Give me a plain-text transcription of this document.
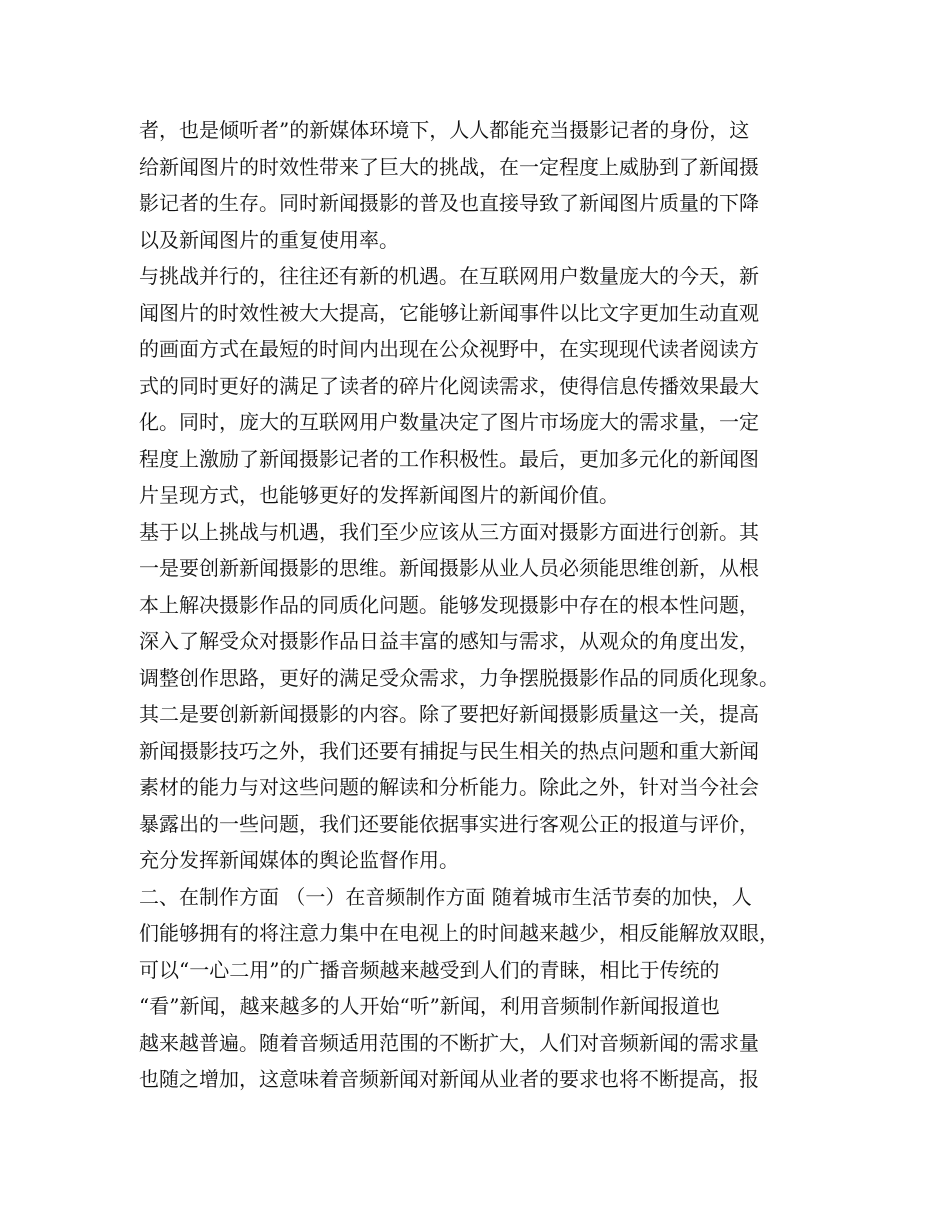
者，也是倾听者”的新媒体环境下，人人都能充当摄影记者的身份，这
给新闻图片的时效性带来了巨大的挑战，在一定程度上威胁到了新闻摄
影记者的生存。同时新闻摄影的普及也直接导致了新闻图片质量的下降
以及新闻图片的重复使用率。
与挑战并行的，往往还有新的机遇。在互联网用户数量庞大的今天，新
闻图片的时效性被大大提高，它能够让新闻事件以比文字更加生动直观
的画面方式在最短的时间内出现在公众视野中，在实现现代读者阅读方
式的同时更好的满足了读者的碎片化阅读需求，使得信息传播效果最大
化。同时，庞大的互联网用户数量决定了图片市场庞大的需求量，一定
程度上激励了新闻摄影记者的工作积极性。最后，更加多元化的新闻图
片呈现方式，也能够更好的发挥新闻图片的新闻价值。
基于以上挑战与机遇，我们至少应该从三方面对摄影方面进行创新。其
一是要创新新闻摄影的思维。新闻摄影从业人员必须能思维创新，从根
本上解决摄影作品的同质化问题。能够发现摄影中存在的根本性问题，
深入了解受众对摄影作品日益丰富的感知与需求，从观众的角度出发，
调整创作思路，更好的满足受众需求，力争摆脱摄影作品的同质化现象。
其二是要创新新闻摄影的内容。除了要把好新闻摄影质量这一关，提高
新闻摄影技巧之外，我们还要有捕捉与民生相关的热点问题和重大新闻
素材的能力与对这些问题的解读和分析能力。除此之外，针对当今社会
暴露出的一些问题，我们还要能依据事实进行客观公正的报道与评价，
充分发挥新闻媒体的舆论监督作用。
二、在制作方面 （一）在音频制作方面 随着城市生活节奏的加快，人
们能够拥有的将注意力集中在电视上的时间越来越少，相反能解放双眼，
可以“一心二用”的广播音频越来越受到人们的青睐，相比于传统的
“看”新闻，越来越多的人开始“听”新闻，利用音频制作新闻报道也
越来越普遍。随着音频适用范围的不断扩大，人们对音频新闻的需求量
也随之增加，这意味着音频新闻对新闻从业者的要求也将不断提高，报
